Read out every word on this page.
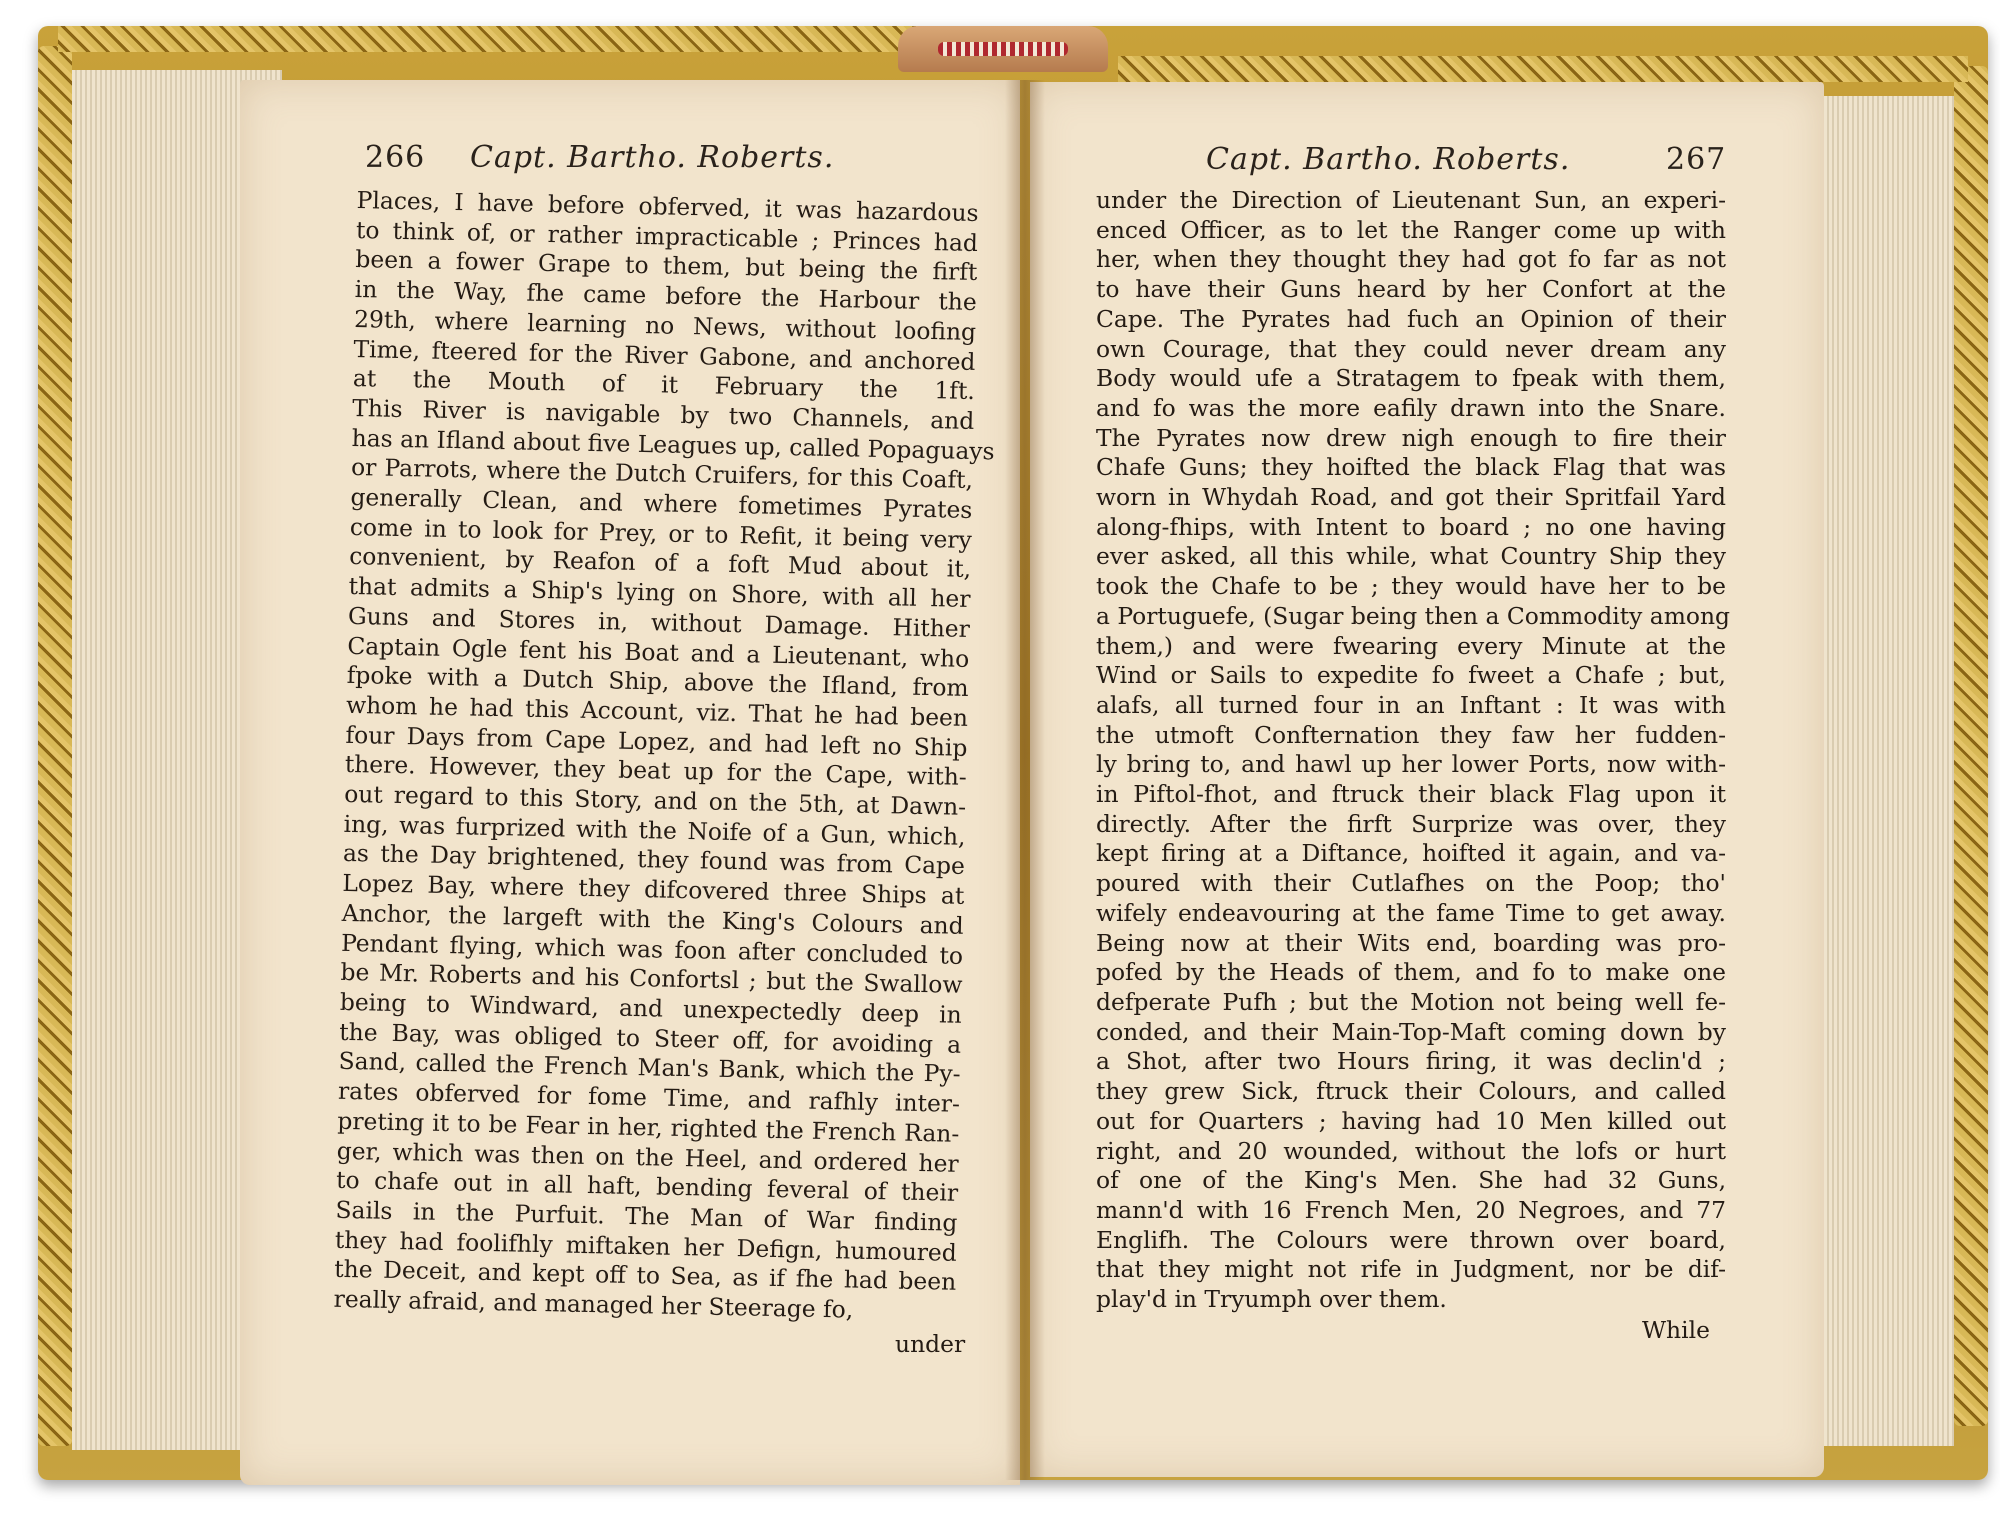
266 Capt. Bartho. Roberts.	Capt. Bartho. Roberts.	267
Places, I have before obferved, it was hazardous
to think of, or rather impracticable ; Princes had
been a fower Grape to them, but being the firft
in the Way, fhe came before the Harbour the
29th, where learning no News, without loofing
Time, fteered for the River Gabone, and anchored
at the Mouth of it February the 1ft.
This River is navigable by two Channels, and
has an Ifland about five Leagues up, called Popaguays
or Parrots, where the Dutch Cruifers, for this Coaft,
generally Clean, and where fometimes Pyrates
come in to look for Prey, or to Refit, it being very
convenient, by Reafon of a foft Mud about it,
that admits a Ship's lying on Shore, with all her
Guns and Stores in, without Damage. Hither
Captain Ogle fent his Boat and a Lieutenant, who
fpoke with a Dutch Ship, above the Ifland, from
whom he had this Account, viz. That he had been
four Days from Cape Lopez, and had left no Ship
there. However, they beat up for the Cape, with-
out regard to this Story, and on the 5th, at Dawn-
ing, was furprized with the Noife of a Gun, which,
as the Day brightened, they found was from Cape
Lopez Bay, where they difcovered three Ships at
Anchor, the largeft with the King's Colours and
Pendant flying, which was foon after concluded to
be Mr. Roberts and his Confortsl ; but the Swallow
being to Windward, and unexpectedly deep in
the Bay, was obliged to Steer off, for avoiding a
Sand, called the French Man's Bank, which the Py-
rates obferved for fome Time, and rafhly inter-
preting it to be Fear in her, righted the French Ran-
ger, which was then on the Heel, and ordered her
to chafe out in all haft, bending feveral of their
Sails in the Purfuit. The Man of War finding
they had foolifhly miftaken her Defign, humoured
the Deceit, and kept off to Sea, as if fhe had been
really afraid, and managed her Steerage fo,
under the Direction of Lieutenant Sun, an experi-
enced Officer, as to let the Ranger come up with
her, when they thought they had got fo far as not
to have their Guns heard by her Confort at the
Cape. The Pyrates had fuch an Opinion of their
own Courage, that they could never dream any
Body would ufe a Stratagem to fpeak with them,
and fo was the more eafily drawn into the Snare.
The Pyrates now drew nigh enough to fire their
Chafe Guns; they hoifted the black Flag that was
worn in Whydah Road, and got their Spritfail Yard
along-fhips, with Intent to board ; no one having
ever asked, all this while, what Country Ship they
took the Chafe to be ; they would have her to be
a Portuguefe, (Sugar being then a Commodity among
them,) and were fwearing every Minute at the
Wind or Sails to expedite fo fweet a Chafe ; but,
alafs, all turned four in an Inftant : It was with
the utmoft Confternation they faw her fudden-
ly bring to, and hawl up her lower Ports, now with-
in Piftol-fhot, and ftruck their black Flag upon it
directly. After the firft Surprize was over, they
kept firing at a Diftance, hoifted it again, and va-
poured with their Cutlafhes on the Poop; tho'
wifely endeavouring at the fame Time to get away.
Being now at their Wits end, boarding was pro-
pofed by the Heads of them, and fo to make one
defperate Pufh ; but the Motion not being well fe-
conded, and their Main-Top-Maft coming down by
a Shot, after two Hours firing, it was declin'd ;
they grew Sick, ftruck their Colours, and called
out for Quarters ; having had 10 Men killed out
right, and 20 wounded, without the lofs or hurt
of one of the King's Men. She had 32 Guns,
mann'd with 16 French Men, 20 Negroes, and 77
Englifh. The Colours were thrown over board,
that they might not rife in Judgment, nor be dif-
play'd in Tryumph over them.
under	While
